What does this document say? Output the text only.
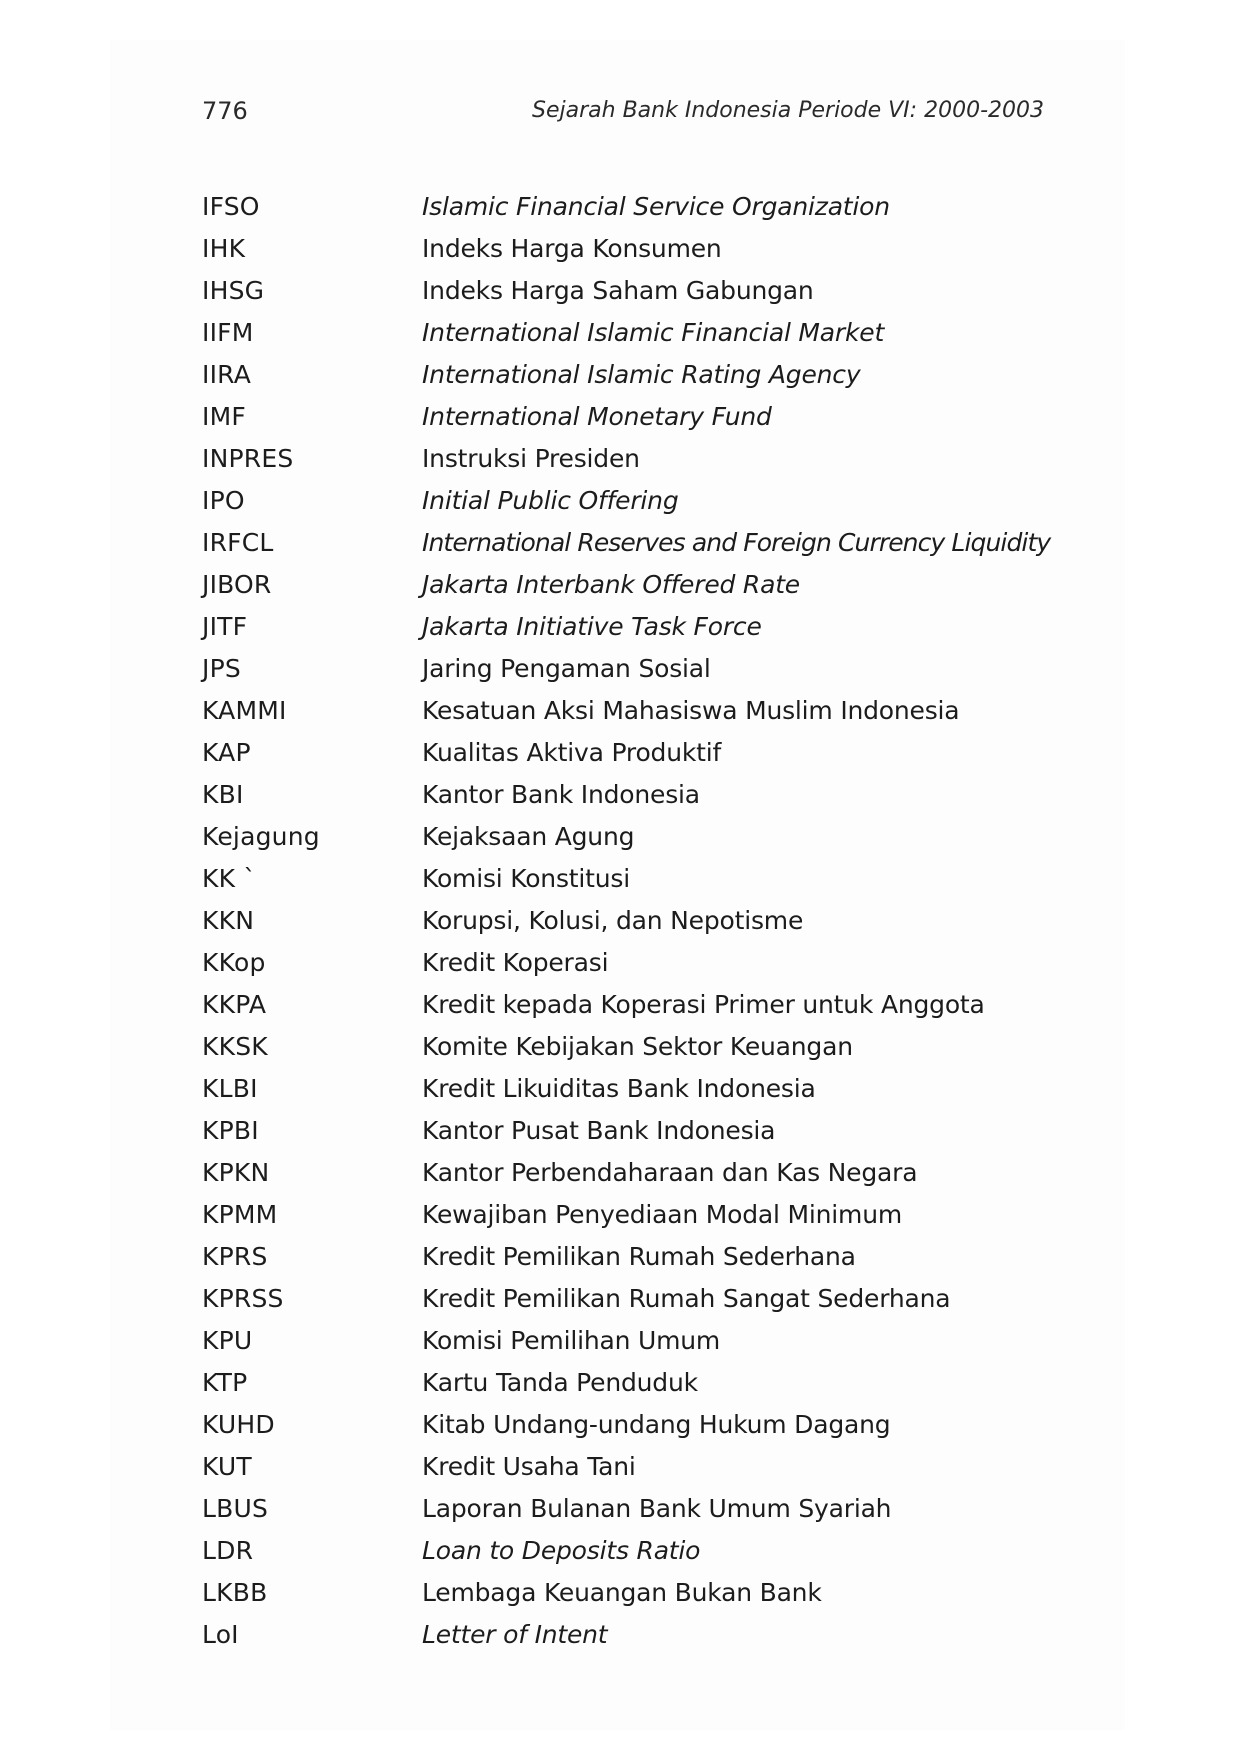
776	Sejarah Bank Indonesia Periode VI: 2000-2003
IFSO	Islamic Financial Service Organization
IHK	Indeks Harga Konsumen
IHSG	Indeks Harga Saham Gabungan
IIFM	International Islamic Financial Market
IIRA	International Islamic Rating Agency
IMF	International Monetary Fund
INPRES	Instruksi Presiden
IPO	Initial Public Offering
IRFCL	International Reserves and Foreign Currency Liquidity
JIBOR	Jakarta Interbank Offered Rate
JITF	Jakarta Initiative Task Force
JPS	Jaring Pengaman Sosial
KAMMI	Kesatuan Aksi Mahasiswa Muslim Indonesia
KAP	Kualitas Aktiva Produktif
KBI	Kantor Bank Indonesia
Kejagung	Kejaksaan Agung
KK `	Komisi Konstitusi
KKN	Korupsi, Kolusi, dan Nepotisme
KKop	Kredit Koperasi
KKPA	Kredit kepada Koperasi Primer untuk Anggota
KKSK	Komite Kebijakan Sektor Keuangan
KLBI	Kredit Likuiditas Bank Indonesia
KPBI	Kantor Pusat Bank Indonesia
KPKN	Kantor Perbendaharaan dan Kas Negara
KPMM	Kewajiban Penyediaan Modal Minimum
KPRS	Kredit Pemilikan Rumah Sederhana
KPRSS	Kredit Pemilikan Rumah Sangat Sederhana
KPU	Komisi Pemilihan Umum
KTP	Kartu Tanda Penduduk
KUHD	Kitab Undang-undang Hukum Dagang
KUT	Kredit Usaha Tani
LBUS	Laporan Bulanan Bank Umum Syariah
LDR	Loan to Deposits Ratio
LKBB	Lembaga Keuangan Bukan Bank
LoI	Letter of Intent
